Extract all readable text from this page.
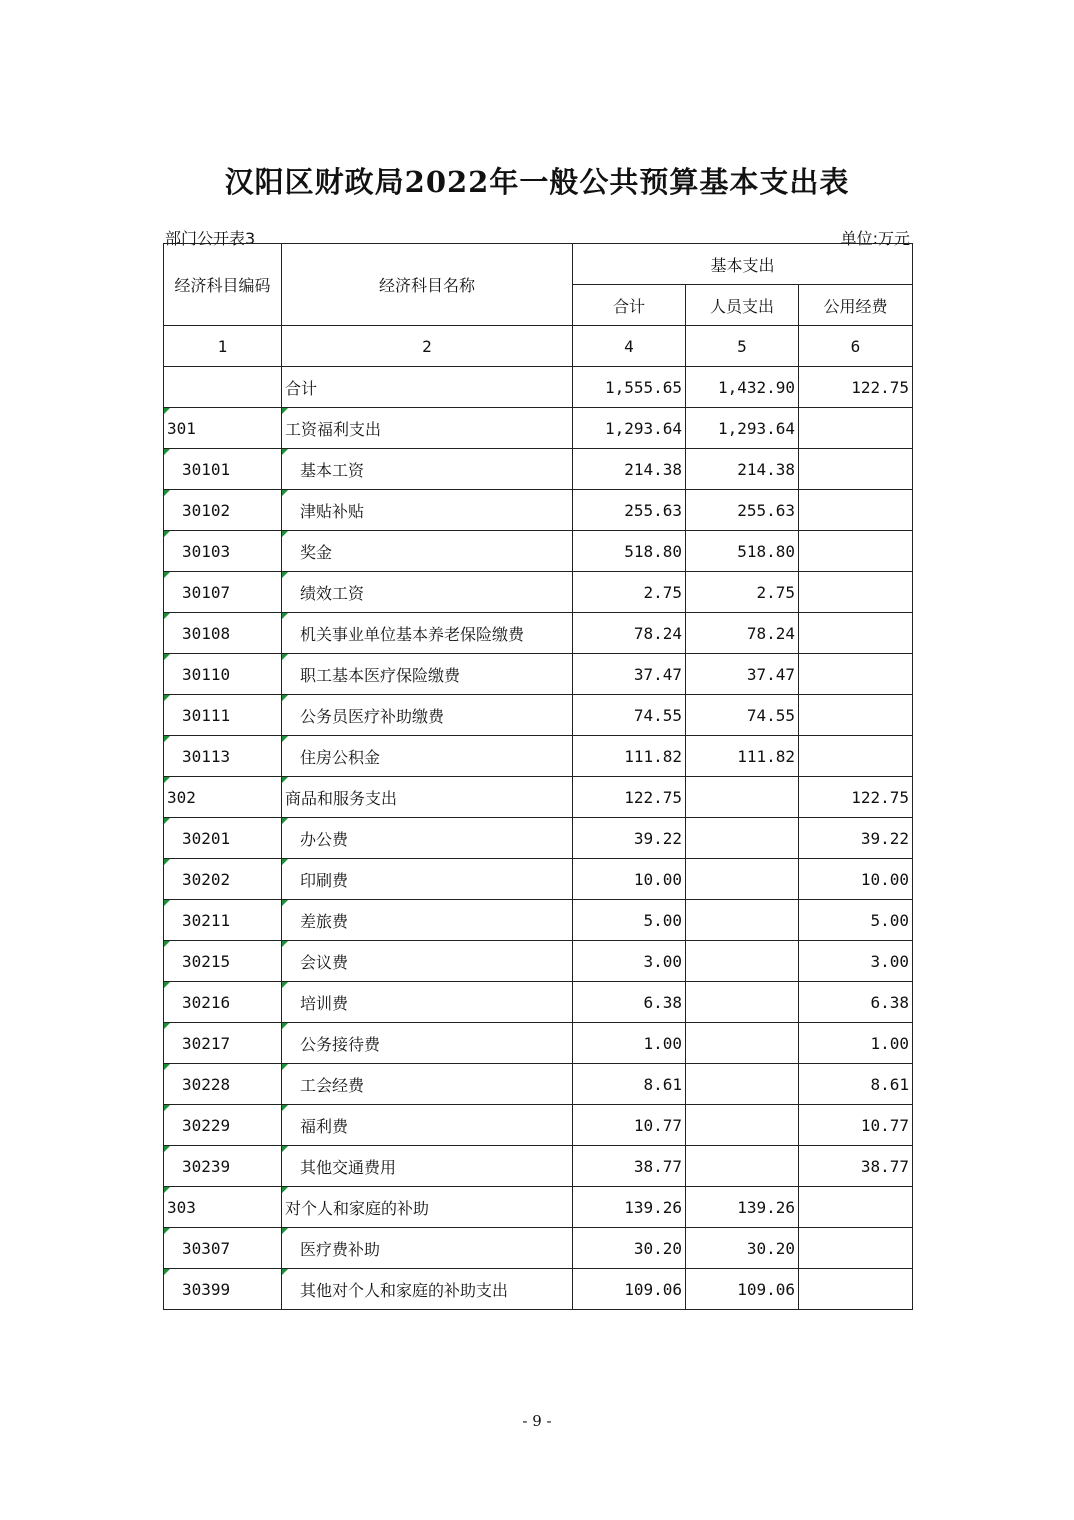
汉阳区财政局2022年一般公共预算基本支出表
部门公开表3	单位:万元
经济科目编码	经济科目名称	基本支出		
		合计	人员支出	公用经费
1	2	4	5	6
	合计	1,555.65	1,432.90	122.75

301	工资福利支出	1,293.64	1,293.64	

30101	基本工资	214.38	214.38	

30102	津贴补贴	255.63	255.63	

30103	奖金	518.80	518.80	

30107	绩效工资	2.75	2.75	

30108	机关事业单位基本养老保险缴费	78.24	78.24	

30110	职工基本医疗保险缴费	37.47	37.47	

30111	公务员医疗补助缴费	74.55	74.55	

30113	住房公积金	111.82	111.82	

302	商品和服务支出	122.75		122.75

30201	办公费	39.22		39.22

30202	印刷费	10.00		10.00

30211	差旅费	5.00		5.00

30215	会议费	3.00		3.00

30216	培训费	6.38		6.38

30217	公务接待费	1.00		1.00

30228	工会经费	8.61		8.61

30229	福利费	10.77		10.77

30239	其他交通费用	38.77		38.77

303	对个人和家庭的补助	139.26	139.26	

30307	医疗费补助	30.20	30.20	

30399	其他对个人和家庭的补助支出	109.06	109.06	
- 9 -
